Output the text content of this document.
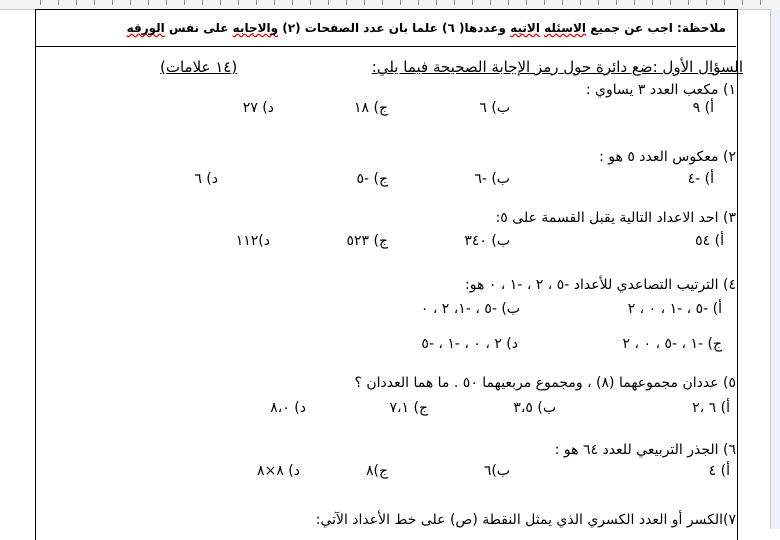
ملاحظة: اجب عن جميع الاسئله الاتيه وعددها( ٦) علما بان عدد الصفحات (٢) والاجابه على نفس الورقه
السؤال الأول :ضع دائرة حول رمز الإجابة الصحيحة فيما يلي:
(١٤ علامات)
١) مكعب العدد ٣ يساوي :
أ) ٩
ب) ٦
ج) ١٨
د) ٢٧
٢) معكوس العدد ٥ هو :
أ) -٤
ب) -٦
ج) -٥
د) ٦
٣) احد الاعداد التالية يقبل القسمة على ٥:
أ) ٥٤
ب) ٣٤٠
ج) ٥٢٣
د)١١٢
٤) الترتيب التصاعدي للأعداد -٥ ، ٢ ، -١ ، ٠ هو:
أ) -٥ ، -١ ، ٠ ، ٢
ب) -٥ ، -١، ٢ ، ٠
ج) -١ ، -٥ ، ٠ ، ٢
د) ٢ ، ٠ ، -١ ، -٥
٥) عددان مجموعهما (٨) ، ومجموع مربعيهما ٥٠ . ما هما العددان ؟
أ) ٦ ،٢
ب) ٣،٥
ج) ٧،١
د) ٨،٠
٦) الجذر التربيعي للعدد ٦٤ هو :
أ) ٤
ب)٦
ج)٨
د) ٨×٨
٧)الكسر أو العدد الكسري الذي يمثل النقطة (ص) على خط الأعداد الآتي:
